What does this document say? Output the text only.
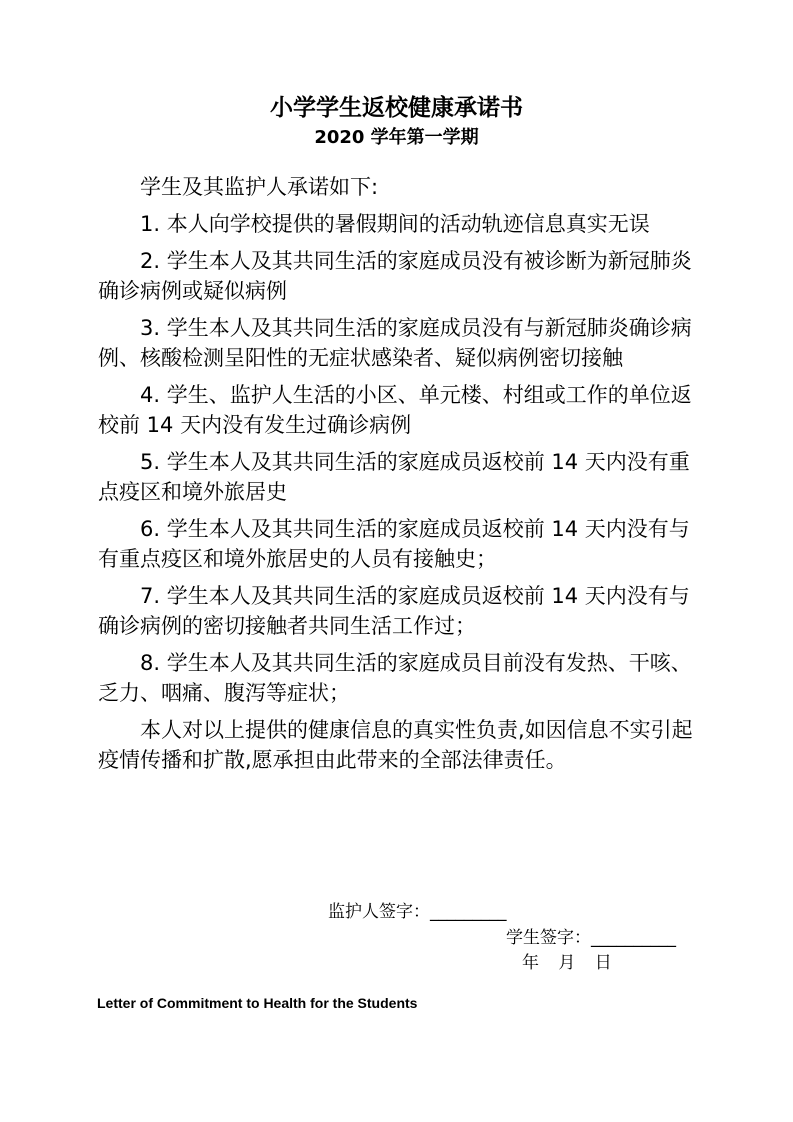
小学学生返校健康承诺书
2020 学年第一学期

学生及其监护人承诺如下:

1. 本人向学校提供的暑假期间的活动轨迹信息真实无误

2. 学生本人及其共同生活的家庭成员没有被诊断为新冠肺炎确诊病例或疑似病例

3. 学生本人及其共同生活的家庭成员没有与新冠肺炎确诊病例、核酸检测呈阳性的无症状感染者、疑似病例密切接触

4. 学生、监护人生活的小区、单元楼、村组或工作的单位返校前 14 天内没有发生过确诊病例

5. 学生本人及其共同生活的家庭成员返校前 14 天内没有重点疫区和境外旅居史

6. 学生本人及其共同生活的家庭成员返校前 14 天内没有与有重点疫区和境外旅居史的人员有接触史；

7. 学生本人及其共同生活的家庭成员返校前 14 天内没有与确诊病例的密切接触者共同生活工作过；

8. 学生本人及其共同生活的家庭成员目前没有发热、干咳、乏力、咽痛、腹泻等症状；

本人对以上提供的健康信息的真实性负责,如因信息不实引起疫情传播和扩散,愿承担由此带来的全部法律责任。

监护人签字：_________
学生签字：__________
年 月 日
Letter of Commitment to Health for the Students
